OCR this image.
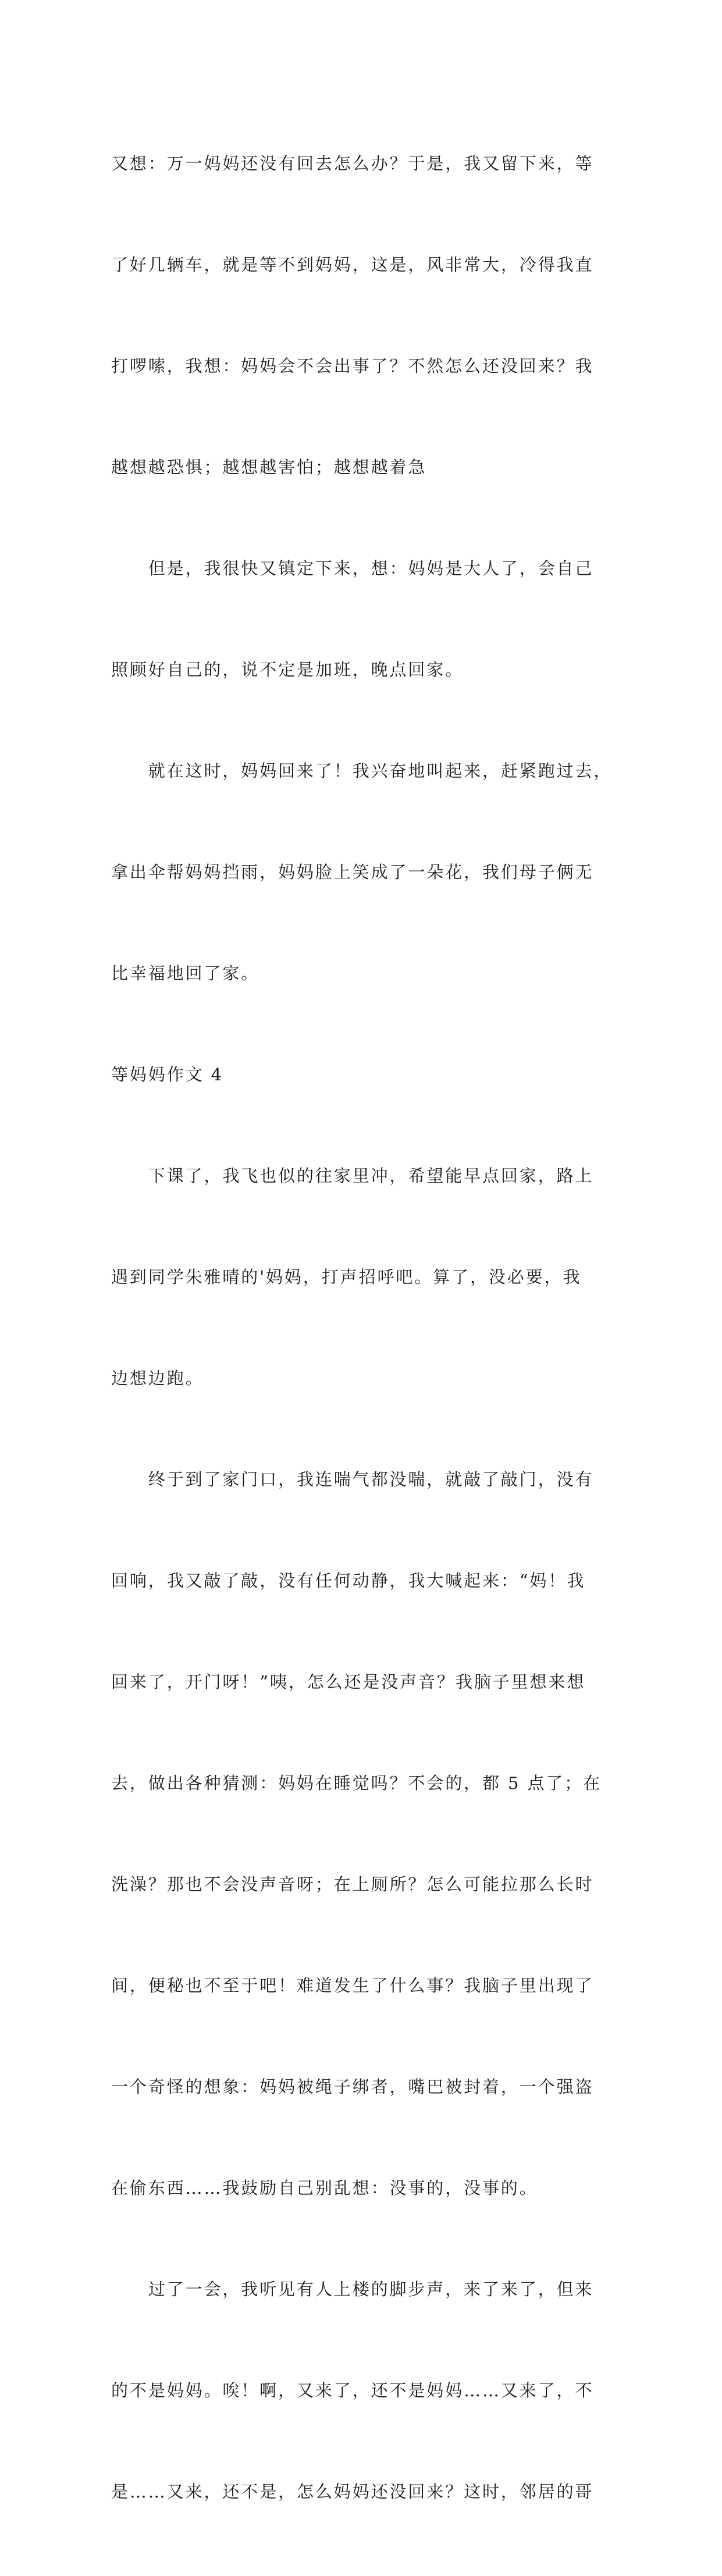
又想：万一妈妈还没有回去怎么办？于是，我又留下来，等

了好几辆车，就是等不到妈妈，这是，风非常大，冷得我直

打啰嗦，我想：妈妈会不会出事了？不然怎么还没回来？我

越想越恐惧；越想越害怕；越想越着急

　　但是，我很快又镇定下来，想：妈妈是大人了，会自己

照顾好自己的，说不定是加班，晚点回家。

　　就在这时，妈妈回来了！我兴奋地叫起来，赶紧跑过去，

拿出伞帮妈妈挡雨，妈妈脸上笑成了一朵花，我们母子俩无

比幸福地回了家。

等妈妈作文 4

　　下课了，我飞也似的往家里冲，希望能早点回家，路上

遇到同学朱雅晴的'妈妈，打声招呼吧。算了，没必要，我

边想边跑。

　　终于到了家门口，我连喘气都没喘，就敲了敲门，没有

回响，我又敲了敲，没有任何动静，我大喊起来：“妈！我

回来了，开门呀！”咦，怎么还是没声音？我脑子里想来想

去，做出各种猜测：妈妈在睡觉吗？不会的，都 5 点了；在

洗澡？那也不会没声音呀；在上厕所？怎么可能拉那么长时

间，便秘也不至于吧！难道发生了什么事？我脑子里出现了

一个奇怪的想象：妈妈被绳子绑者，嘴巴被封着，一个强盗

在偷东西……我鼓励自己别乱想：没事的，没事的。

　　过了一会，我听见有人上楼的脚步声，来了来了，但来

的不是妈妈。唉！啊，又来了，还不是妈妈……又来了，不

是……又来，还不是，怎么妈妈还没回来？这时，邻居的哥
